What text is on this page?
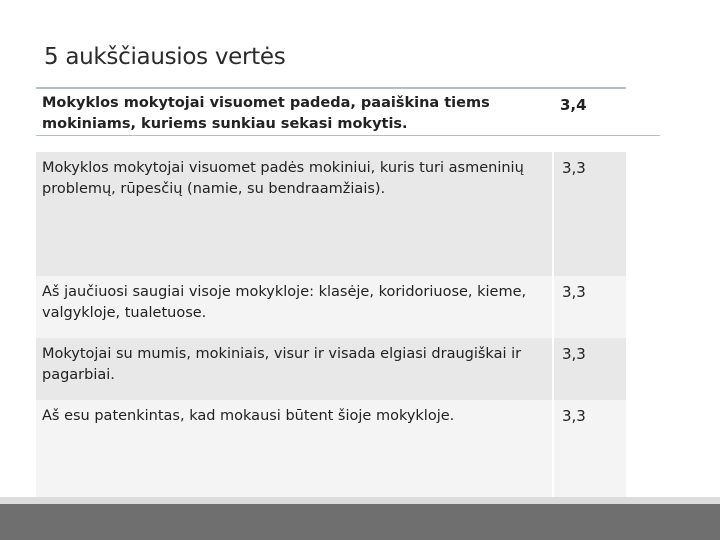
5 aukščiausios vertės
Mokyklos mokytojai visuomet padeda, paaiškina tiems mokiniams, kuriems sunkiau sekasi mokytis.
3,4
Mokyklos mokytojai visuomet padės mokiniui, kuris turi asmeninių problemų, rūpesčių (namie, su bendraamžiais).
3,3
Aš jaučiuosi saugiai visoje mokykloje: klasėje, koridoriuose, kieme, valgykloje, tualetuose.
3,3
Mokytojai su mumis, mokiniais, visur ir visada elgiasi draugiškai ir pagarbiai.
3,3
Aš esu patenkintas, kad mokausi būtent šioje mokykloje.	3,3
